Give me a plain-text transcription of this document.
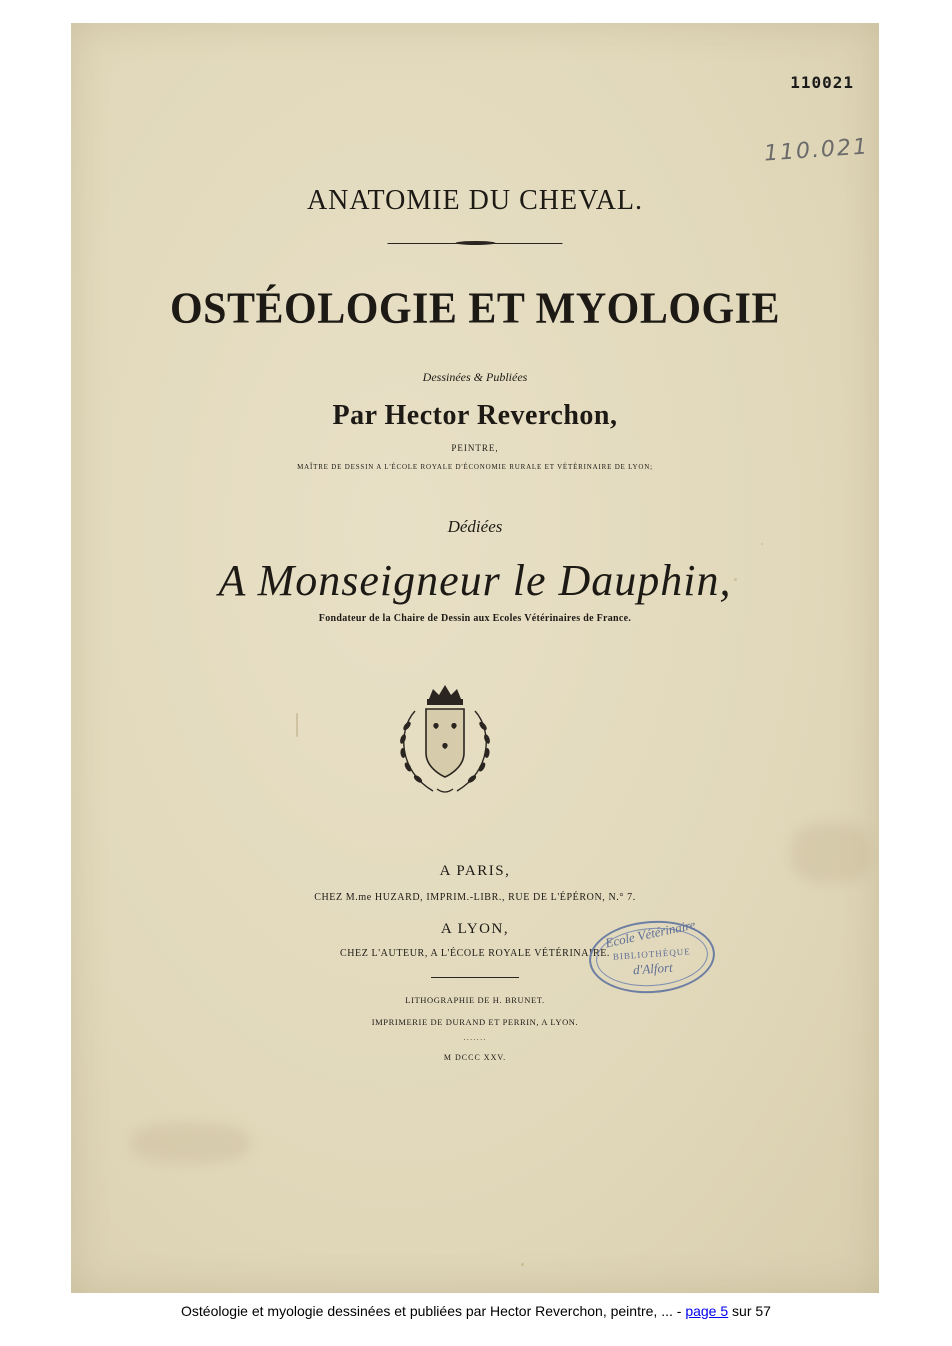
110021
110.021
ANATOMIE DU CHEVAL.
OSTÉOLOGIE ET MYOLOGIE
Dessinées & Publiées
Par Hector Reverchon,
PEINTRE,
MAÎTRE DE DESSIN A L'ÉCOLE ROYALE D'ÉCONOMIE RURALE ET VÉTÉRINAIRE DE LYON;
Dédiées
A Monseigneur le Dauphin,
Fondateur de la Chaire de Dessin aux Ecoles Vétérinaires de France.
A PARIS,
CHEZ M.me HUZARD, IMPRIM.-LIBR., RUE DE L'ÉPÉRON, N.° 7.
A LYON,
CHEZ L'AUTEUR, A L'ÉCOLE ROYALE VÉTÉRINAIRE.
LITHOGRAPHIE DE H. BRUNET.
IMPRIMERIE DE DURAND ET PERRIN, A LYON.
·······
M DCCC XXV.
Ecole Vétérinaire
BIBLIOTHÈQUE
d'Alfort
Ostéologie et myologie dessinées et publiées par Hector Reverchon, peintre, ... - page 5 sur 57
